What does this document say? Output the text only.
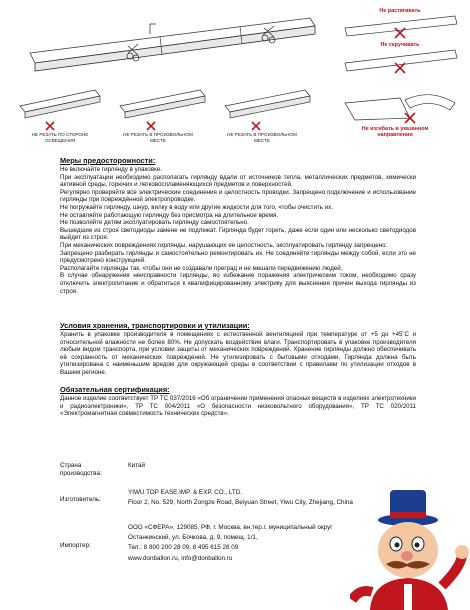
НЕ РЕЗАТЬ ПО СТОРОНЕ
ОСВЕЩЕНИЯ
НЕ РЕЗАТЬ В ПРОИЗВОЛЬНОМ
МЕСТЕ
НЕ РЕЗАТЬ В ПРОИЗВОЛЬНОМ
МЕСТЕ
Не растягивать
Не скручивать
Не изгибать в указанном
направлении
Меры предосторожности:

Не включайте гирлянду в упаковке.

При эксплуатации необходимо располагать гирлянду вдали от источников тепла, металлических предметов, химически активной среды, горючих и легковоспламеняющихся предметов и поверхностей.

Регулярно проверяйте все электрические соединения и целостность проводки. Запрещено подключение и использование гирлянды при повреждённой электропроводке.

Не погружайте гирлянду, шнур, вилку в воду или другие жидкости для того, чтобы очистить их.

Не оставляйте работающую гирлянду без присмотра на длительное время.

Не позволяйте детям эксплуатировать гирлянду самостоятельно.

Вышедшие из строя светодиоды замене не подлежат. Гирлянда будет гореть, даже если один или несколько светодиодов выйдет из строя.

При механических повреждениях гирлянды, нарушающих ее целостность, эксплуатировать гирлянду запрещено.

Запрещено разбирать гирлянды и самостоятельно ремонтировать их. Не соединяйте гирлянды между собой, если это не предусмотрено конструкцией.

Располагайте гирлянды так, чтобы они не создавали преград и не мешали передвижению людей.

В случае обнаружения неисправности гирлянды, во избежание поражения электрическим током, необходимо сразу отключить электропитание и обратиться к квалифицированному электрику для выяснения причин выхода гирлянды из строя.

Условия хранения, транспортировки и утилизации:

Хранить в упаковке производителя в помещениях с естественной вентиляцией при температуре от +5 до +45˚С и относительной влажности не более 80%. Не допускать воздействия влаги. Транспортировать в упаковке производителя любым видом транспорта, при условии защиты от механических повреждений. Хранение гирлянды должно обеспечивать её сохранность от механических повреждений. Не утилизировать с бытовыми отходами. Гирлянда должна быть утилизирована с наименьшим вредом для окружающей среды в соответствии с правилами по утилизации отходов в Вашем регионе.

Обязательная сертификация:

Данное изделие соответствует ТР ТС 037/2016 «Об ограничении применения опасных веществ в изделиях электротехники и радиоэлектроники», ТР ТС 004/2011 «О безопасности низковольтного оборудования», ТР ТС 020/2011 «Электромагнитная совместимость технических средств».

Страна
производства:
Китай
Изготовитель:
YIWU TOP EASE IMP. & EXP. CO., LTD.
Floor 2, No. 529, North Zongze Road, Beiyuan Street, Yiwu City, Zhejiang, China
Импортер:
ООО «СФЕРА», 129085, РФ, г. Москва, вн.тер.г. муниципальный округ
Останкинский, ул. Бочкова, д. 9, помещ. 1/1,
Тел.: 8 800 200 28 09, 8 495 615 28 09
www.donballon.ru, info@donballon.ru
